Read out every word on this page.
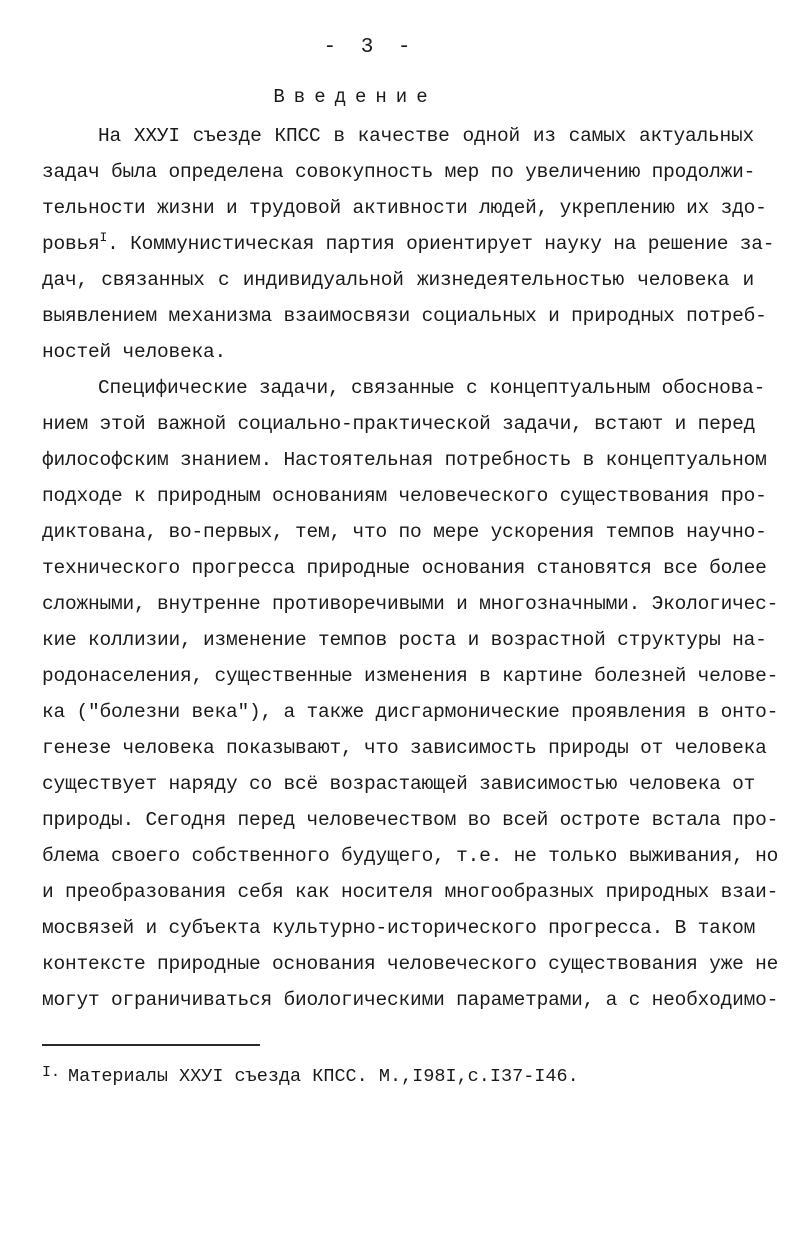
- 3 -
Введение
На ХХУI съезде КПСС в качестве одной из самых актуальных
задач была определена совокупность мер по увеличению продолжи-
тельности жизни и трудовой активности людей, укреплению их здо-
ровья$^I$. Коммунистическая партия ориентирует науку на решение за-
дач, связанных с индивидуальной жизнедеятельностью человека и
выявлением механизма взаимосвязи социальных и природных потреб-
ностей человека.
Специфические задачи, связанные с концептуальным обоснова-
нием этой важной социально-практической задачи, встают и перед
философским знанием. Настоятельная потребность в концептуальном
подходе к природным основаниям человеческого существования про-
диктована, во-первых, тем, что по мере ускорения темпов научно-
технического прогресса природные основания становятся все более
сложными, внутренне противоречивыми и многозначными. Экологичес-
кие коллизии, изменение темпов роста и возрастной структуры на-
родонаселения, существенные изменения в картине болезней челове-
ка ("болезни века"), а также дисгармонические проявления в онто-
генезе человека показывают, что зависимость природы от человека
существует наряду со всё возрастающей зависимостью человека от
природы. Сегодня перед человечеством во всей остроте встала про-
блема своего собственного будущего, т.е. не только выживания, но
и преобразования себя как носителя многообразных природных взаи-
мосвязей и субъекта культурно-исторического прогресса. В таком
контексте природные основания человеческого существования уже не
могут ограничиваться биологическими параметрами, а с необходимо-
$^{I.}$ Материалы ХХУI съезда КПСС. М.,I98I,с.I37-I46.
